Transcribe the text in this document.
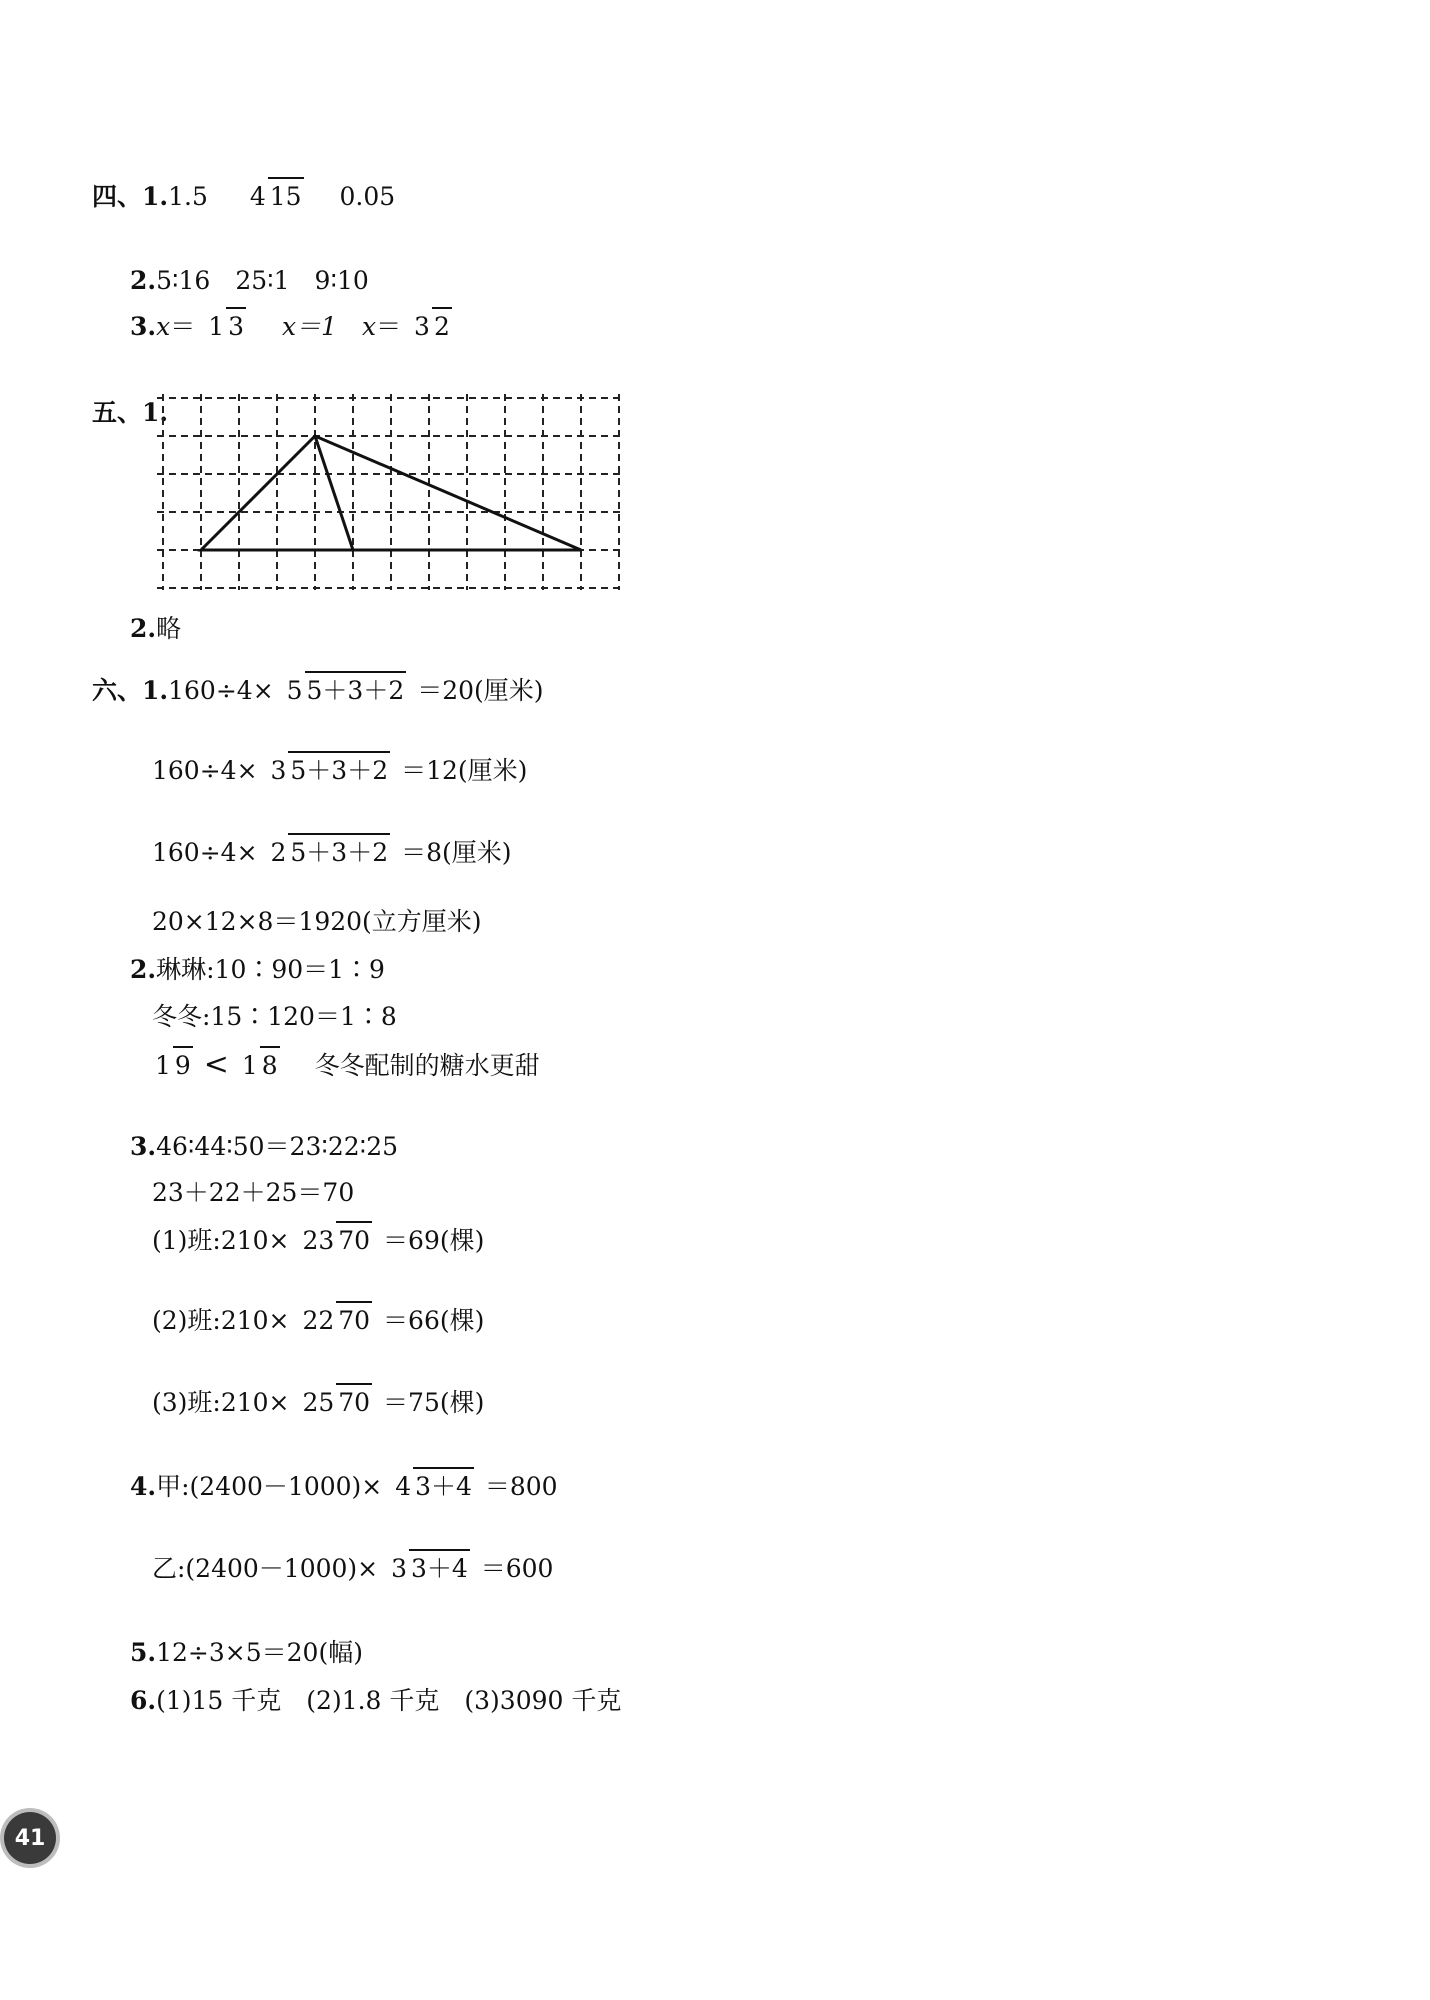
四、1.1.5 4 15 0.05
2.5∶16　25∶1　9∶10
3.x＝ 1 3 　x＝1　x＝ 3 2
五、1.
2.略
六、1.160÷4× 5 5＋3＋2 ＝20(厘米)
160÷4× 3 5＋3＋2 ＝12(厘米)
160÷4× 2 5＋3＋2 ＝8(厘米)
20×12×8＝1920(立方厘米)
2.琳琳:10∶90＝1∶9
冬冬:15∶120＝1∶8
1 9 < 1 8 冬冬配制的糖水更甜
3.46∶44∶50＝23∶22∶25
23＋22＋25＝70
(1)班:210× 23 70 ＝69(棵)
(2)班:210× 22 70 ＝66(棵)
(3)班:210× 25 70 ＝75(棵)
4.甲:(2400－1000)× 4 3＋4 ＝800
乙:(2400－1000)× 3 3＋4 ＝600
5.12÷3×5＝20(幅)
6.(1)15 千克　(2)1.8 千克　(3)3090 千克
41
